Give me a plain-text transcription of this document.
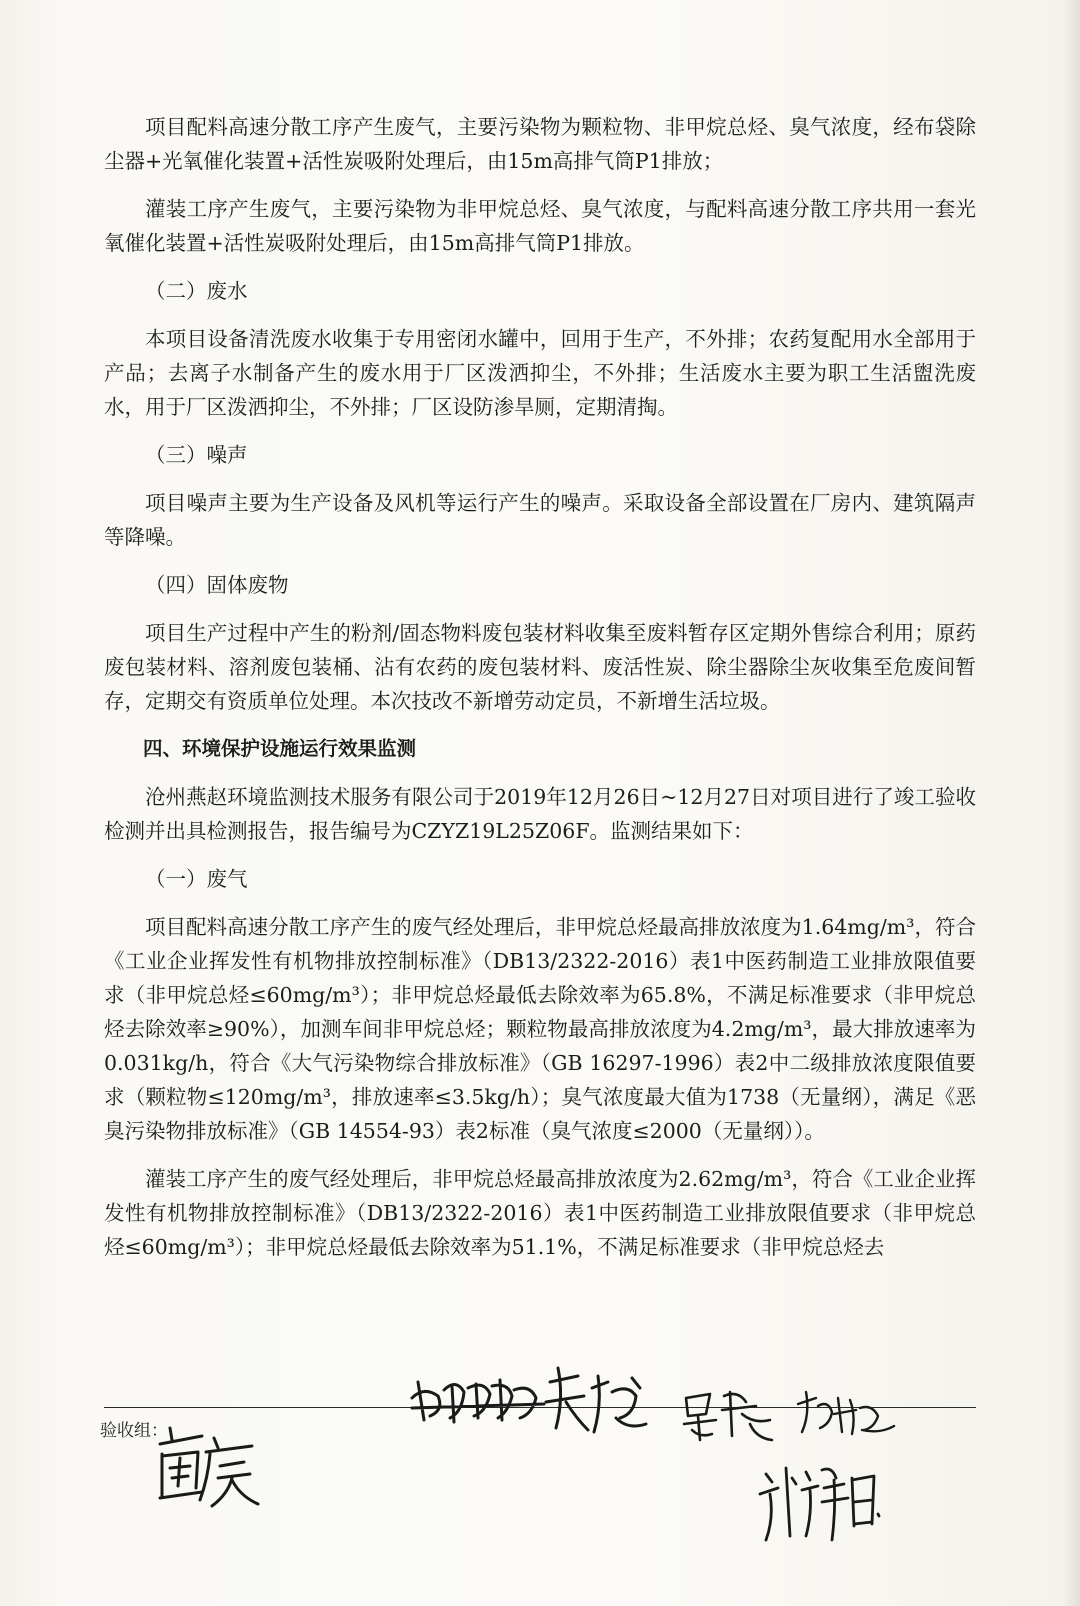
项目配料高速分散工序产生废气，主要污染物为颗粒物、非甲烷总烃、臭气浓度，经布袋除尘器+光氧催化装置+活性炭吸附处理后，由15m高排气筒P1排放；

灌装工序产生废气，主要污染物为非甲烷总烃、臭气浓度，与配料高速分散工序共用一套光氧催化装置+活性炭吸附处理后，由15m高排气筒P1排放。

（二）废水

本项目设备清洗废水收集于专用密闭水罐中，回用于生产，不外排；农药复配用水全部用于产品；去离子水制备产生的废水用于厂区泼洒抑尘，不外排；生活废水主要为职工生活盥洗废水，用于厂区泼洒抑尘，不外排；厂区设防渗旱厕，定期清掏。

（三）噪声

项目噪声主要为生产设备及风机等运行产生的噪声。采取设备全部设置在厂房内、建筑隔声等降噪。

（四）固体废物

项目生产过程中产生的粉剂/固态物料废包装材料收集至废料暂存区定期外售综合利用；原药废包装材料、溶剂废包装桶、沾有农药的废包装材料、废活性炭、除尘器除尘灰收集至危废间暂存，定期交有资质单位处理。本次技改不新增劳动定员，不新增生活垃圾。

四、环境保护设施运行效果监测

沧州燕赵环境监测技术服务有限公司于2019年12月26日~12月27日对项目进行了竣工验收检测并出具检测报告，报告编号为CZYZ19L25Z06F。监测结果如下：

（一）废气

项目配料高速分散工序产生的废气经处理后，非甲烷总烃最高排放浓度为1.64mg/m³，符合《工业企业挥发性有机物排放控制标准》（DB13/2322-2016）表1中医药制造工业排放限值要求（非甲烷总烃≤60mg/m³）；非甲烷总烃最低去除效率为65.8%，不满足标准要求（非甲烷总烃去除效率≥90%），加测车间非甲烷总烃；颗粒物最高排放浓度为4.2mg/m³，最大排放速率为0.031kg/h，符合《大气污染物综合排放标准》（GB 16297-1996）表2中二级排放浓度限值要求（颗粒物≤120mg/m³，排放速率≤3.5kg/h）；臭气浓度最大值为1738（无量纲），满足《恶臭污染物排放标准》（GB 14554-93）表2标准（臭气浓度≤2000（无量纲））。

灌装工序产生的废气经处理后，非甲烷总烃最高排放浓度为2.62mg/m³，符合《工业企业挥发性有机物排放控制标准》（DB13/2322-2016）表1中医药制造工业排放限值要求（非甲烷总烃≤60mg/m³）；非甲烷总烃最低去除效率为51.1%，不满足标准要求（非甲烷总烃去

验收组：
